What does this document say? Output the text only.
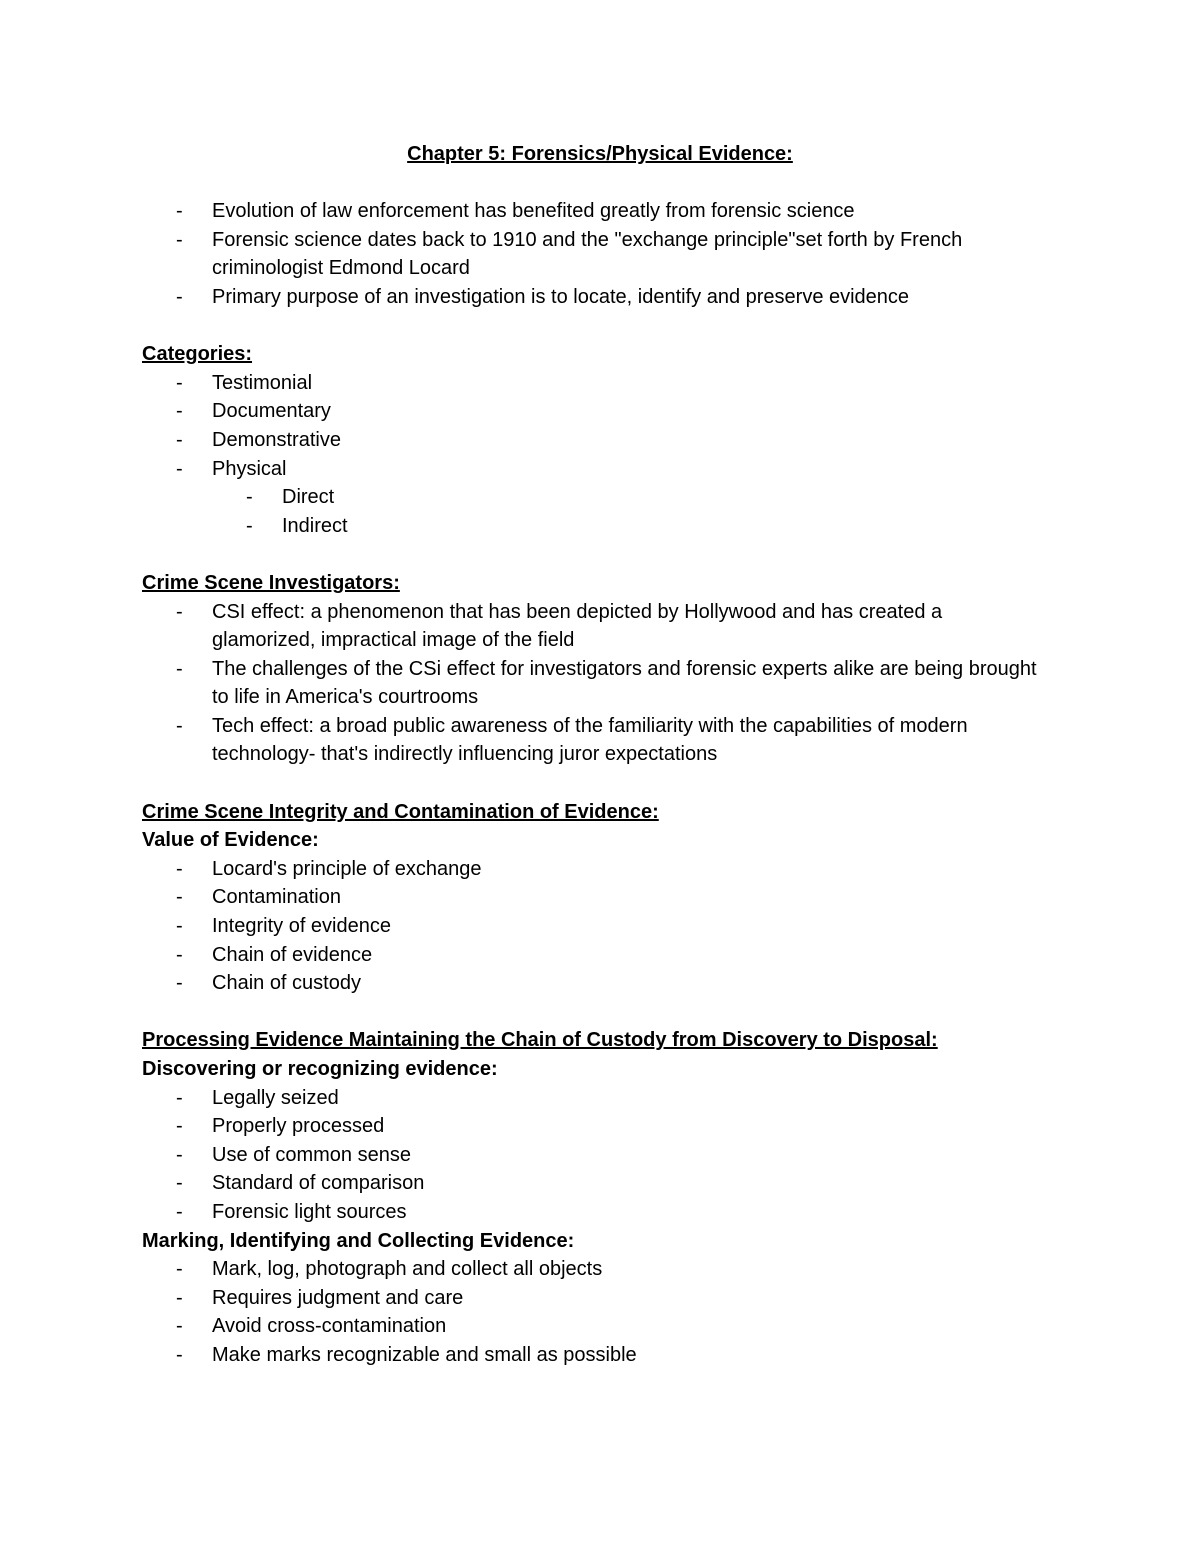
Chapter 5: Forensics/Physical Evidence:
- Evolution of law enforcement has benefited greatly from forensic science
- Forensic science dates back to 1910 and the "exchange principle"set forth by French criminologist Edmond Locard
- Primary purpose of an investigation is to locate, identify and preserve evidence
Categories:
- Testimonial
- Documentary
- Demonstrative
- Physical
- Direct
- Indirect
Crime Scene Investigators:
- CSI effect: a phenomenon that has been depicted by Hollywood and has created a glamorized, impractical image of the field
- The challenges of the CSi effect for investigators and forensic experts alike are being brought to life in America's courtrooms
- Tech effect: a broad public awareness of the familiarity with the capabilities of modern technology- that's indirectly influencing juror expectations
Crime Scene Integrity and Contamination of Evidence:
Value of Evidence:
- Locard's principle of exchange
- Contamination
- Integrity of evidence
- Chain of evidence
- Chain of custody
Processing Evidence Maintaining the Chain of Custody from Discovery to Disposal:
Discovering or recognizing evidence:
- Legally seized
- Properly processed
- Use of common sense
- Standard of comparison
- Forensic light sources
Marking, Identifying and Collecting Evidence:
- Mark, log, photograph and collect all objects
- Requires judgment and care
- Avoid cross-contamination
- Make marks recognizable and small as possible
